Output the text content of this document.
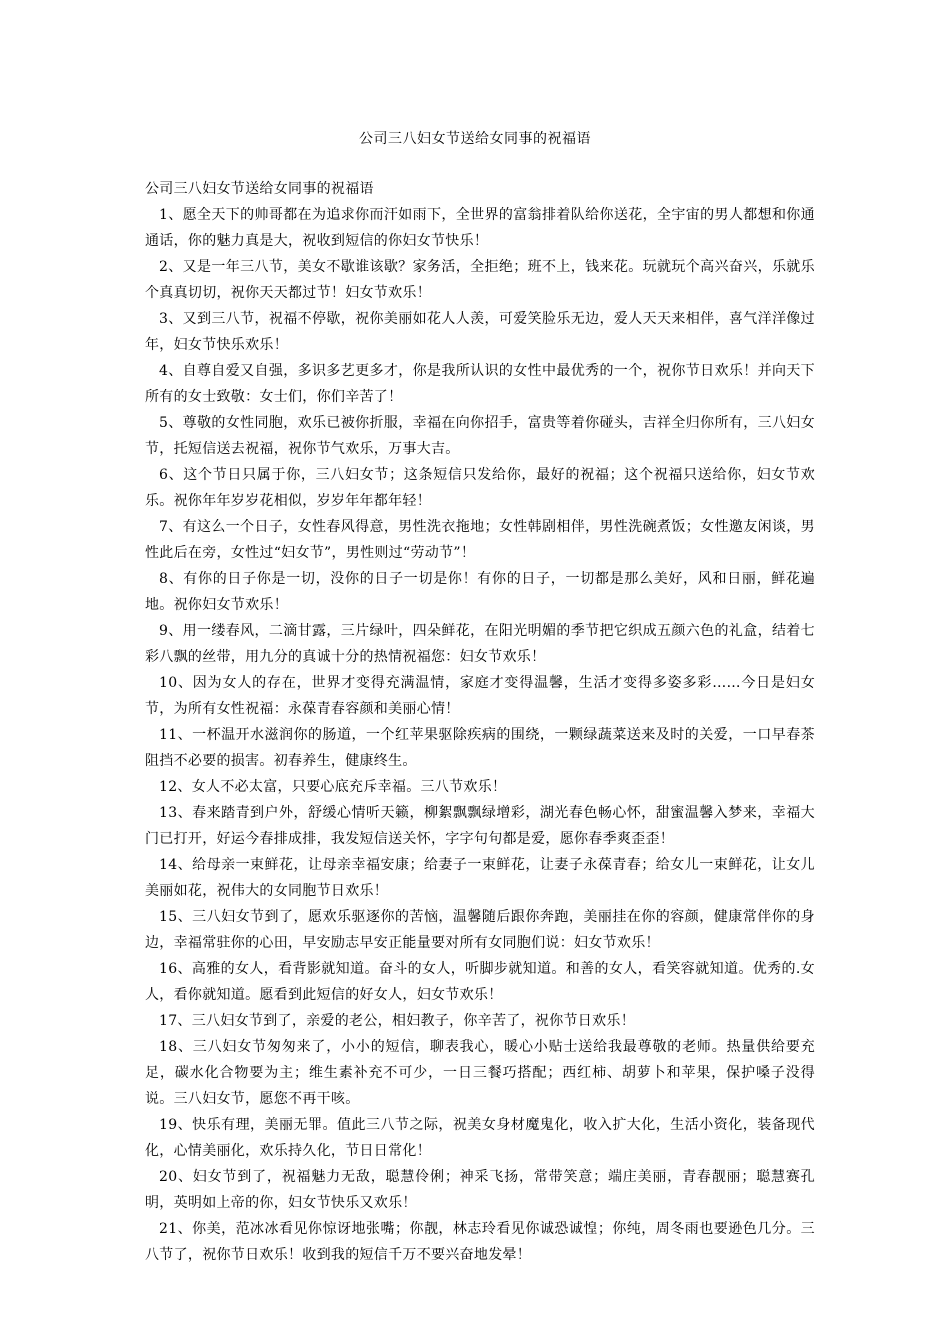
公司三八妇女节送给女同事的祝福语

公司三八妇女节送给女同事的祝福语

1、愿全天下的帅哥都在为追求你而汗如雨下，全世界的富翁排着队给你送花，全宇宙的男人都想和你通通话，你的魅力真是大，祝收到短信的你妇女节快乐！

2、又是一年三八节，美女不歇谁该歇？家务活，全拒绝；班不上，钱来花。玩就玩个高兴奋兴，乐就乐个真真切切，祝你天天都过节！妇女节欢乐！

3、又到三八节，祝福不停歇，祝你美丽如花人人羡，可爱笑脸乐无边，爱人天天来相伴，喜气洋洋像过年，妇女节快乐欢乐！

4、自尊自爱又自强，多识多艺更多才，你是我所认识的女性中最优秀的一个，祝你节日欢乐！并向天下所有的女士致敬：女士们，你们辛苦了！

5、尊敬的女性同胞，欢乐已被你折服，幸福在向你招手，富贵等着你碰头，吉祥全归你所有，三八妇女节，托短信送去祝福，祝你节气欢乐，万事大吉。

6、这个节日只属于你，三八妇女节；这条短信只发给你，最好的祝福；这个祝福只送给你，妇女节欢乐。祝你年年岁岁花相似，岁岁年年都年轻！

7、有这么一个日子，女性春风得意，男性洗衣拖地；女性韩剧相伴，男性洗碗煮饭；女性邀友闲谈，男性此后在旁，女性过“妇女节”，男性则过“劳动节”！

8、有你的日子你是一切，没你的日子一切是你！有你的日子，一切都是那么美好，风和日丽，鲜花遍地。祝你妇女节欢乐！

9、用一缕春风，二滴甘露，三片绿叶，四朵鲜花，在阳光明媚的季节把它织成五颜六色的礼盒，结着七彩八飘的丝带，用九分的真诚十分的热情祝福您：妇女节欢乐！

10、因为女人的存在，世界才变得充满温情，家庭才变得温馨，生活才变得多姿多彩……今日是妇女节，为所有女性祝福：永葆青春容颜和美丽心情！

11、一杯温开水滋润你的肠道，一个红苹果驱除疾病的围绕，一颗绿蔬菜送来及时的关爱，一口早春茶阻挡不必要的损害。初春养生，健康终生。

12、女人不必太富，只要心底充斥幸福。三八节欢乐！

13、春来踏青到户外，舒缓心情听天籁，柳絮飘飘绿增彩，湖光春色畅心怀，甜蜜温馨入梦来，幸福大门已打开，好运今春排成排，我发短信送关怀，字字句句都是爱，愿你春季爽歪歪！

14、给母亲一束鲜花，让母亲幸福安康；给妻子一束鲜花，让妻子永葆青春；给女儿一束鲜花，让女儿美丽如花，祝伟大的女同胞节日欢乐！

15、三八妇女节到了，愿欢乐驱逐你的苦恼，温馨随后跟你奔跑，美丽挂在你的容颜，健康常伴你的身边，幸福常驻你的心田，早安励志早安正能量要对所有女同胞们说：妇女节欢乐！

16、高雅的女人，看背影就知道。奋斗的女人，听脚步就知道。和善的女人，看笑容就知道。优秀的.女人，看你就知道。愿看到此短信的好女人，妇女节欢乐！

17、三八妇女节到了，亲爱的老公，相妇教子，你辛苦了，祝你节日欢乐！

18、三八妇女节匆匆来了，小小的短信，聊表我心，暖心小贴士送给我最尊敬的老师。热量供给要充足，碳水化合物要为主；维生素补充不可少，一日三餐巧搭配；西红柿、胡萝卜和苹果，保护嗓子没得说。三八妇女节，愿您不再干咳。

19、快乐有理，美丽无罪。值此三八节之际，祝美女身材魔鬼化，收入扩大化，生活小资化，装备现代化，心情美丽化，欢乐持久化，节日日常化！

20、妇女节到了，祝福魅力无敌，聪慧伶俐；神采飞扬，常带笑意；端庄美丽，青春靓丽；聪慧赛孔明，英明如上帝的你，妇女节快乐又欢乐！

21、你美，范冰冰看见你惊讶地张嘴；你靓，林志玲看见你诚恐诚惶；你纯，周冬雨也要逊色几分。三八节了，祝你节日欢乐！收到我的短信千万不要兴奋地发晕！
